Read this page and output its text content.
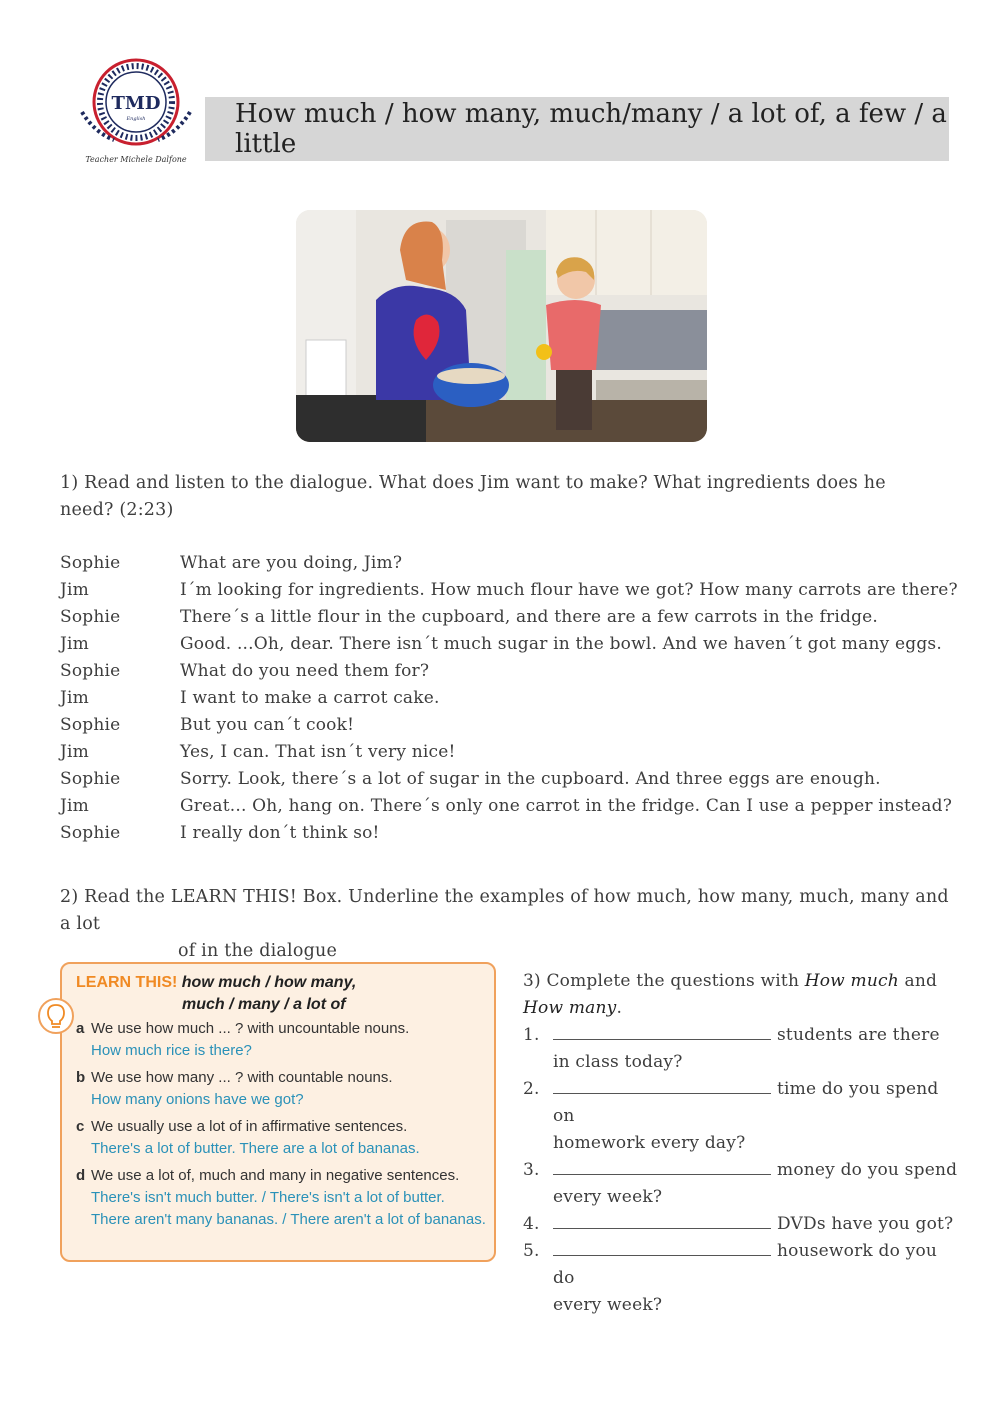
TMD
English
Teacher Michele Dalfone
How much / how many, much/many / a lot of, a few / a little
1) Read and listen to the dialogue. What does Jim want to make? What ingredients does he need? (2:23)
Sophie	What are you doing, Jim?
Jim	I´m looking for ingredients. How much flour have we got? How many carrots are there?
Sophie	There´s a little flour in the cupboard, and there are a few carrots in the fridge.
Jim	Good. ...Oh, dear. There isn´t much sugar in the bowl. And we haven´t got many eggs.
Sophie	What do you need them for?
Jim	I want to make a carrot cake.
Sophie	But you can´t cook!
Jim	Yes, I can. That isn´t very nice!
Sophie	Sorry. Look, there´s a lot of sugar in the cupboard. And three eggs are enough.
Jim	Great... Oh, hang on. There´s only one carrot in the fridge. Can I use a pepper instead?
Sophie	I really don´t think so!
2) Read the LEARN THIS! Box. Underline the examples of how much, how many, much, many and a lot
of in the dialogue
LEARN THIS! how much / how many,
much / many / a lot of
a We use how much ... ? with uncountable nouns.
How much rice is there?
b We use how many ... ? with countable nouns.
How many onions have we got?
c We usually use a lot of in affirmative sentences.
There's a lot of butter. There are a lot of bananas.
d We use a lot of, much and many in negative sentences.
There's isn't much butter. / There's isn't a lot of butter. There aren't many bananas. / There aren't a lot of bananas.
3) Complete the questions with How much and How many.
1.	students are there
in class today?
2.	time do you spend on
homework every day?
3.	money do you spend
every week?
4.	DVDs have you got?
5.	housework do you do
every week?
